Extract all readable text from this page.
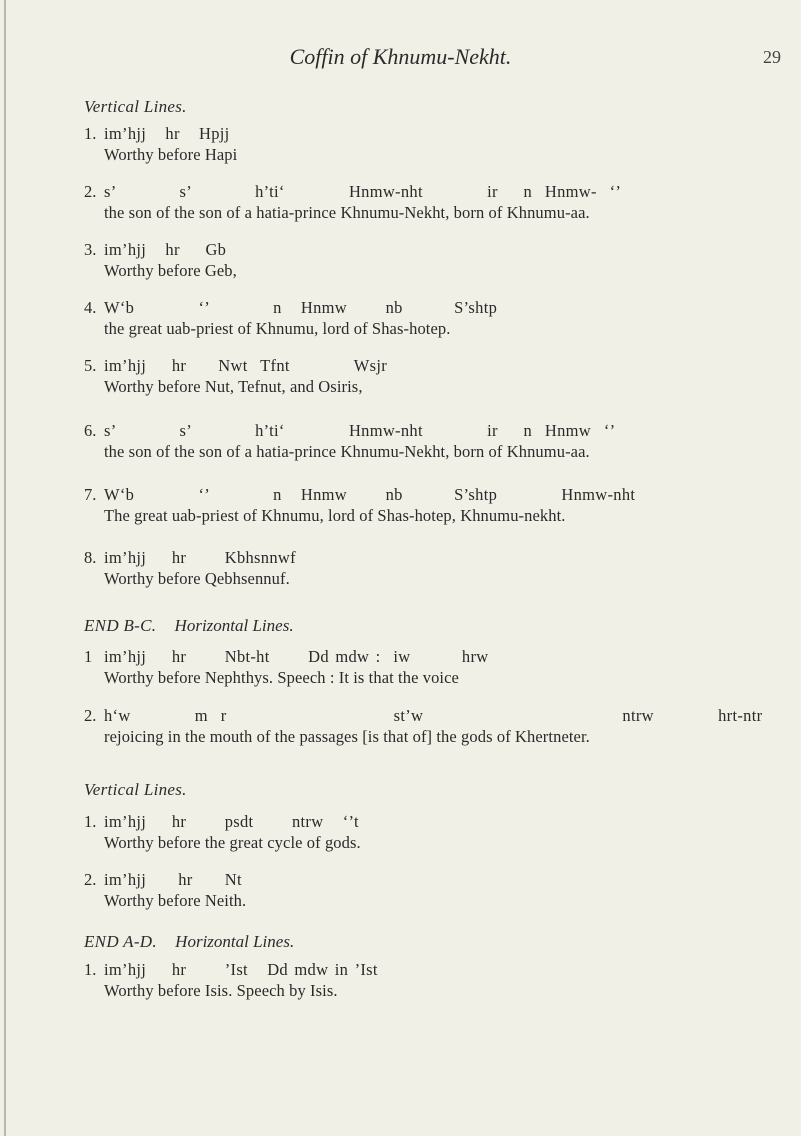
Coffin of Khnumu-Nekht.	29
Vertical Lines.
1. im’hjj   hr   Hpjj
Worthy before Hapi
2. s’          s’          h’ti‘          Hnmw-nht          ir    n  Hnmw-  ‘’
the son of the son of a hatia-prince Khnumu-Nekht, born of Khnumu-aa.
3. im’hjj   hr    Gb
Worthy before Geb,
4. W‘b          ‘’          n   Hnmw      nb        S’shtp
the great uab-priest of Khnumu, lord of Shas-hotep.
5. im’hjj    hr     Nwt  Tfnt          Wsjr
Worthy before Nut, Tefnut, and Osiris,
6. s’          s’          h’ti‘          Hnmw-nht          ir    n  Hnmw  ‘’
the son of the son of a hatia-prince Khnumu-Nekht, born of Khnumu-aa.
7. W‘b          ‘’          n   Hnmw      nb        S’shtp          Hnmw-nht
The great uab-priest of Khnumu, lord of Shas-hotep, Khnumu-nekht.
8. im’hjj    hr      Kbhsnnwf
Worthy before Qebhsennuf.
END B-C. Horizontal Lines.
1 im’hjj    hr      Nbt-ht      Dd mdw :  iw        hrw
Worthy before Nephthys. Speech : It is that the voice
2. h‘w          m  r                          st’w                               ntrw          hrt-ntr
rejoicing in the mouth of the passages [is that of] the gods of Khertneter.
Vertical Lines.
1. im’hjj    hr      psdt      ntrw   ‘’t
Worthy before the great cycle of gods.
2. im’hjj     hr     Nt
Worthy before Neith.
END A-D. Horizontal Lines.
1. im’hjj    hr      ’Ist   Dd mdw in ’Ist
Worthy before Isis. Speech by Isis.
